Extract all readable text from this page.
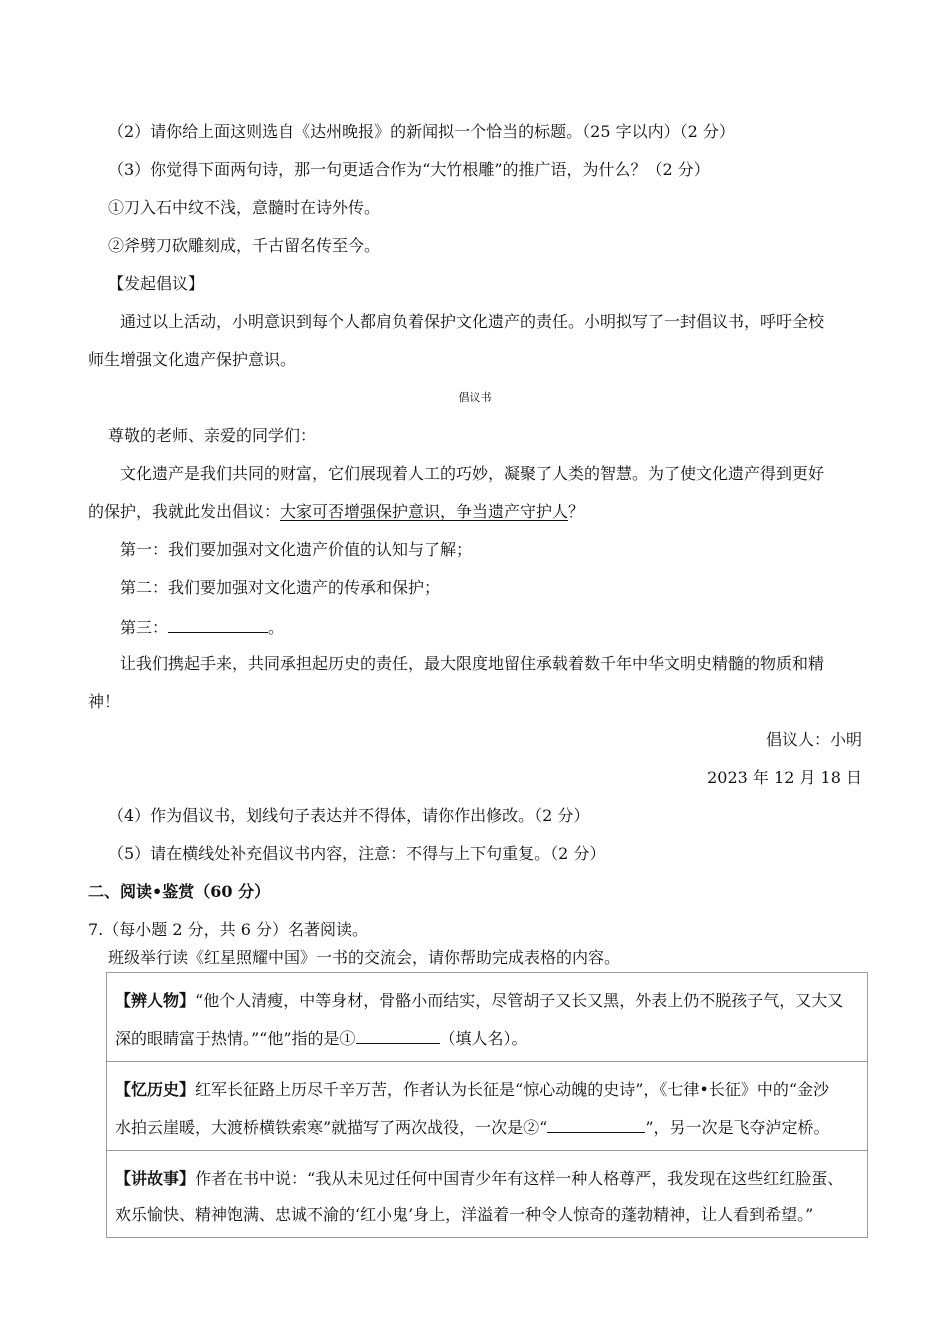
（2）请你给上面这则选自《达州晚报》的新闻拟一个恰当的标题。（25 字以内）（2 分）
（3）你觉得下面两句诗，那一句更适合作为“大竹根雕”的推广语，为什么？（2 分）
①刀入石中纹不浅，意髓时在诗外传。
②斧劈刀砍雕刻成，千古留名传至今。
【发起倡议】
通过以上活动，小明意识到每个人都肩负着保护文化遗产的责任。小明拟写了一封倡议书，呼吁全校
师生增强文化遗产保护意识。
倡议书
尊敬的老师、亲爱的同学们：
文化遗产是我们共同的财富，它们展现着人工的巧妙，凝聚了人类的智慧。为了使文化遗产得到更好
的保护，我就此发出倡议：大家可否增强保护意识，争当遗产守护人？
第一：我们要加强对文化遗产价值的认知与了解；
第二：我们要加强对文化遗产的传承和保护；
第三：	。
让我们携起手来，共同承担起历史的责任，最大限度地留住承载着数千年中华文明史精髓的物质和精
神！
倡议人：小明
2023 年 12 月 18 日
（4）作为倡议书，划线句子表达并不得体，请你作出修改。（2 分）
（5）请在横线处补充倡议书内容，注意：不得与上下句重复。（2 分）
二、阅读•鉴赏（60 分）
7.（每小题 2 分，共 6 分）名著阅读。
班级举行读《红星照耀中国》一书的交流会，请你帮助完成表格的内容。
【辨人物】“他个人清瘦，中等身材，骨骼小而结实，尽管胡子又长又黑，外表上仍不脱孩子气，又大又
深的眼睛富于热情。”“他”指的是①	（填人名）。
【忆历史】红军长征路上历尽千辛万苦，作者认为长征是“惊心动魄的史诗”，《七律•长征》中的“金沙
水拍云崖暖，大渡桥横铁索寒”就描写了两次战役，一次是②“	”，另一次是飞夺泸定桥。
【讲故事】作者在书中说：“我从未见过任何中国青少年有这样一种人格尊严，我发现在这些红红脸蛋、
欢乐愉快、精神饱满、忠诚不渝的‘红小鬼’身上，洋溢着一种令人惊奇的蓬勃精神，让人看到希望。”
